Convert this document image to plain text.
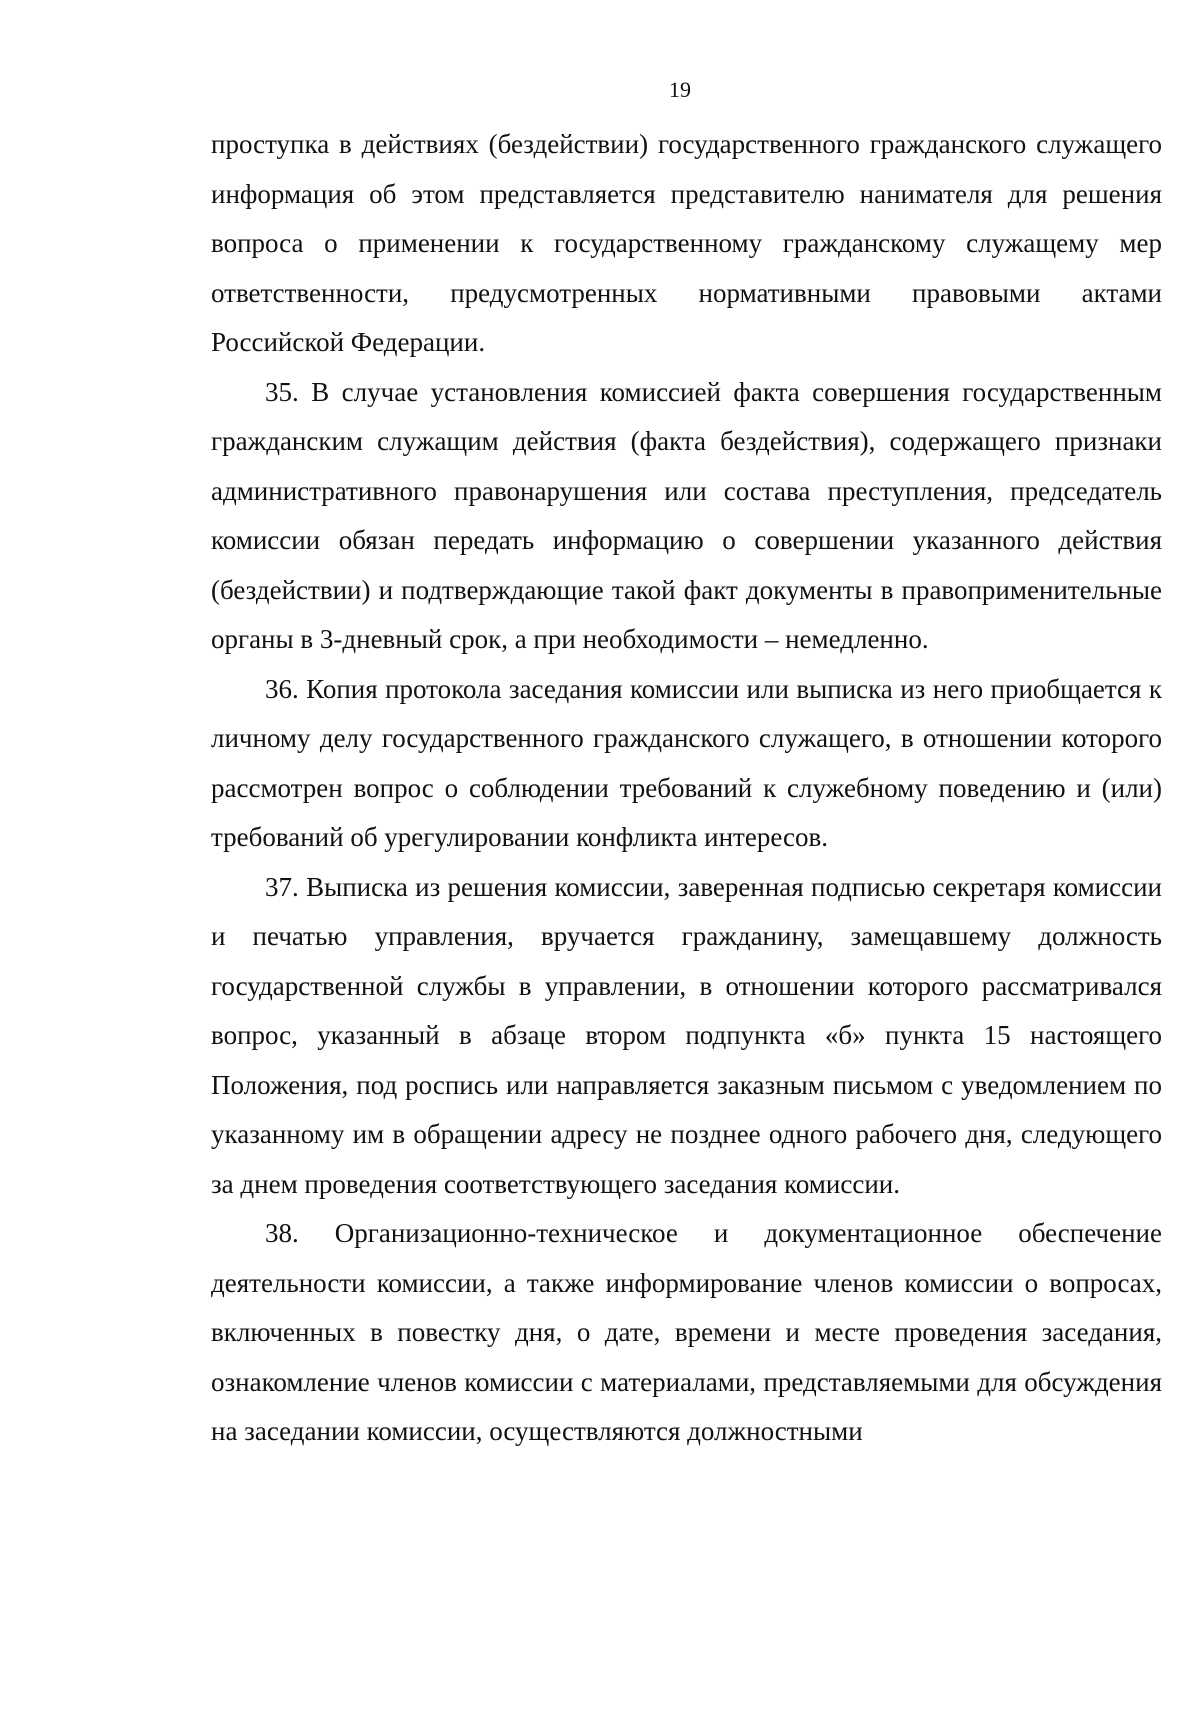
19

проступка в действиях (бездействии) государственного гражданского служащего информация об этом представляется представителю нанимателя для решения вопроса о применении к государственному гражданскому служащему мер ответственности, предусмотренных нормативными правовыми актами Российской Федерации.

35. В случае установления комиссией факта совершения государственным гражданским служащим действия (факта бездействия), содержащего признаки административного правонарушения или состава преступления, председатель комиссии обязан передать информацию о совершении указанного действия (бездействии) и подтверждающие такой факт документы в правоприменительные органы в 3-дневный срок, а при необходимости – немедленно.

36. Копия протокола заседания комиссии или выписка из него приобщается к личному делу государственного гражданского служащего, в отношении которого рассмотрен вопрос о соблюдении требований к служебному поведению и (или) требований об урегулировании конфликта интересов.

37. Выписка из решения комиссии, заверенная подписью секретаря комиссии и печатью управления, вручается гражданину, замещавшему должность государственной службы в управлении, в отношении которого рассматривался вопрос, указанный в абзаце втором подпункта «б» пункта 15 настоящего Положения, под роспись или направляется заказным письмом с уведомлением по указанному им в обращении адресу не позднее одного рабочего дня, следующего за днем проведения соответствующего заседания комиссии.

38. Организационно-техническое и документационное обеспечение деятельности комиссии, а также информирование членов комиссии о вопросах, включенных в повестку дня, о дате, времени и месте проведения заседания, ознакомление членов комиссии с материалами, представляемыми для обсуждения на заседании комиссии, осуществляются должностными
